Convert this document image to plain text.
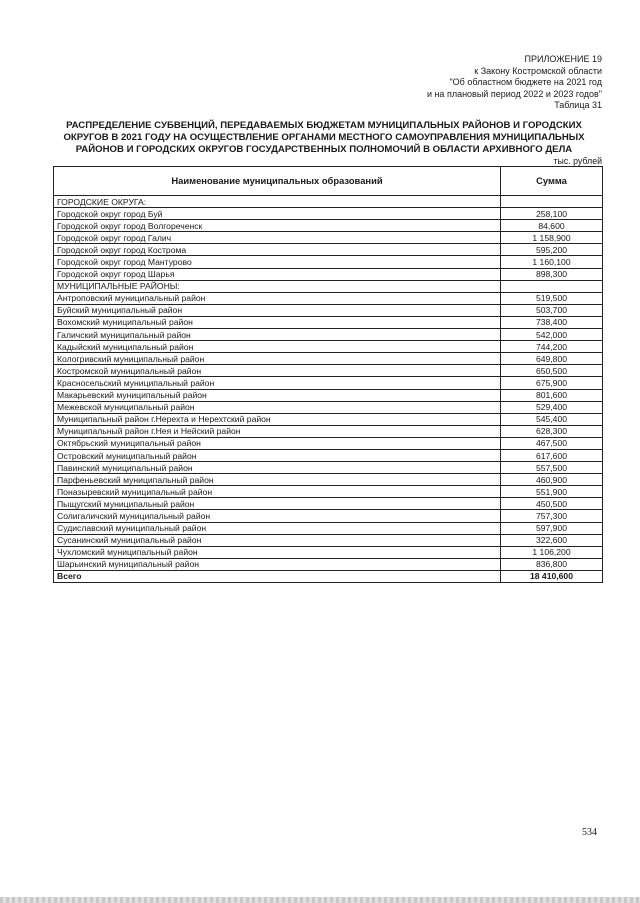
ПРИЛОЖЕНИЕ 19
к Закону Костромской области
"Об областном бюджете на 2021 год
и на плановый период 2022 и 2023 годов"
Таблица 31
РАСПРЕДЕЛЕНИЕ СУБВЕНЦИЙ, ПЕРЕДАВАЕМЫХ БЮДЖЕТАМ МУНИЦИПАЛЬНЫХ РАЙОНОВ И ГОРОДСКИХ
ОКРУГОВ В 2021 ГОДУ НА ОСУЩЕСТВЛЕНИЕ ОРГАНАМИ МЕСТНОГО САМОУПРАВЛЕНИЯ МУНИЦИПАЛЬНЫХ
РАЙОНОВ И ГОРОДСКИХ ОКРУГОВ ГОСУДАРСТВЕННЫХ ПОЛНОМОЧИЙ В ОБЛАСТИ АРХИВНОГО ДЕЛА
тыс. рублей
Наименование муниципальных образований	Сумма
ГОРОДСКИЕ ОКРУГА:	
Городской округ город Буй	258,100
Городской округ город Волгореченск	84,600
Городской округ город Галич	1 158,900
Городской округ город Кострома	595,200
Городской округ город Мантурово	1 160,100
Городской округ город Шарья	898,300
МУНИЦИПАЛЬНЫЕ РАЙОНЫ:	
Антроповский муниципальный район	519,500
Буйский муниципальный район	503,700
Вохомский муниципальный район	738,400
Галичский муниципальный район	542,000
Кадыйский муниципальный район	744,200
Кологривский муниципальный район	649,800
Костромской муниципальный район	650,500
Красносельский муниципальный район	675,900
Макарьевский муниципальный район	801,600
Межевской муниципальный район	529,400
Муниципальный район г.Нерехта и Нерехтский район	545,400
Муниципальный район г.Нея и Нейский район	628,300
Октябрьский муниципальный район	467,500
Островский муниципальный район	617,600
Павинский муниципальный район	557,500
Парфеньевский муниципальный район	460,900
Поназыревский муниципальный район	551,900
Пыщугский муниципальный район	450,500
Солигаличский муниципальный район	757,300
Судиславский муниципальный район	597,900
Сусанинский муниципальный район	322,600
Чухломский муниципальный район	1 106,200
Шарьинский муниципальный район	836,800
Всего	18 410,600
534
